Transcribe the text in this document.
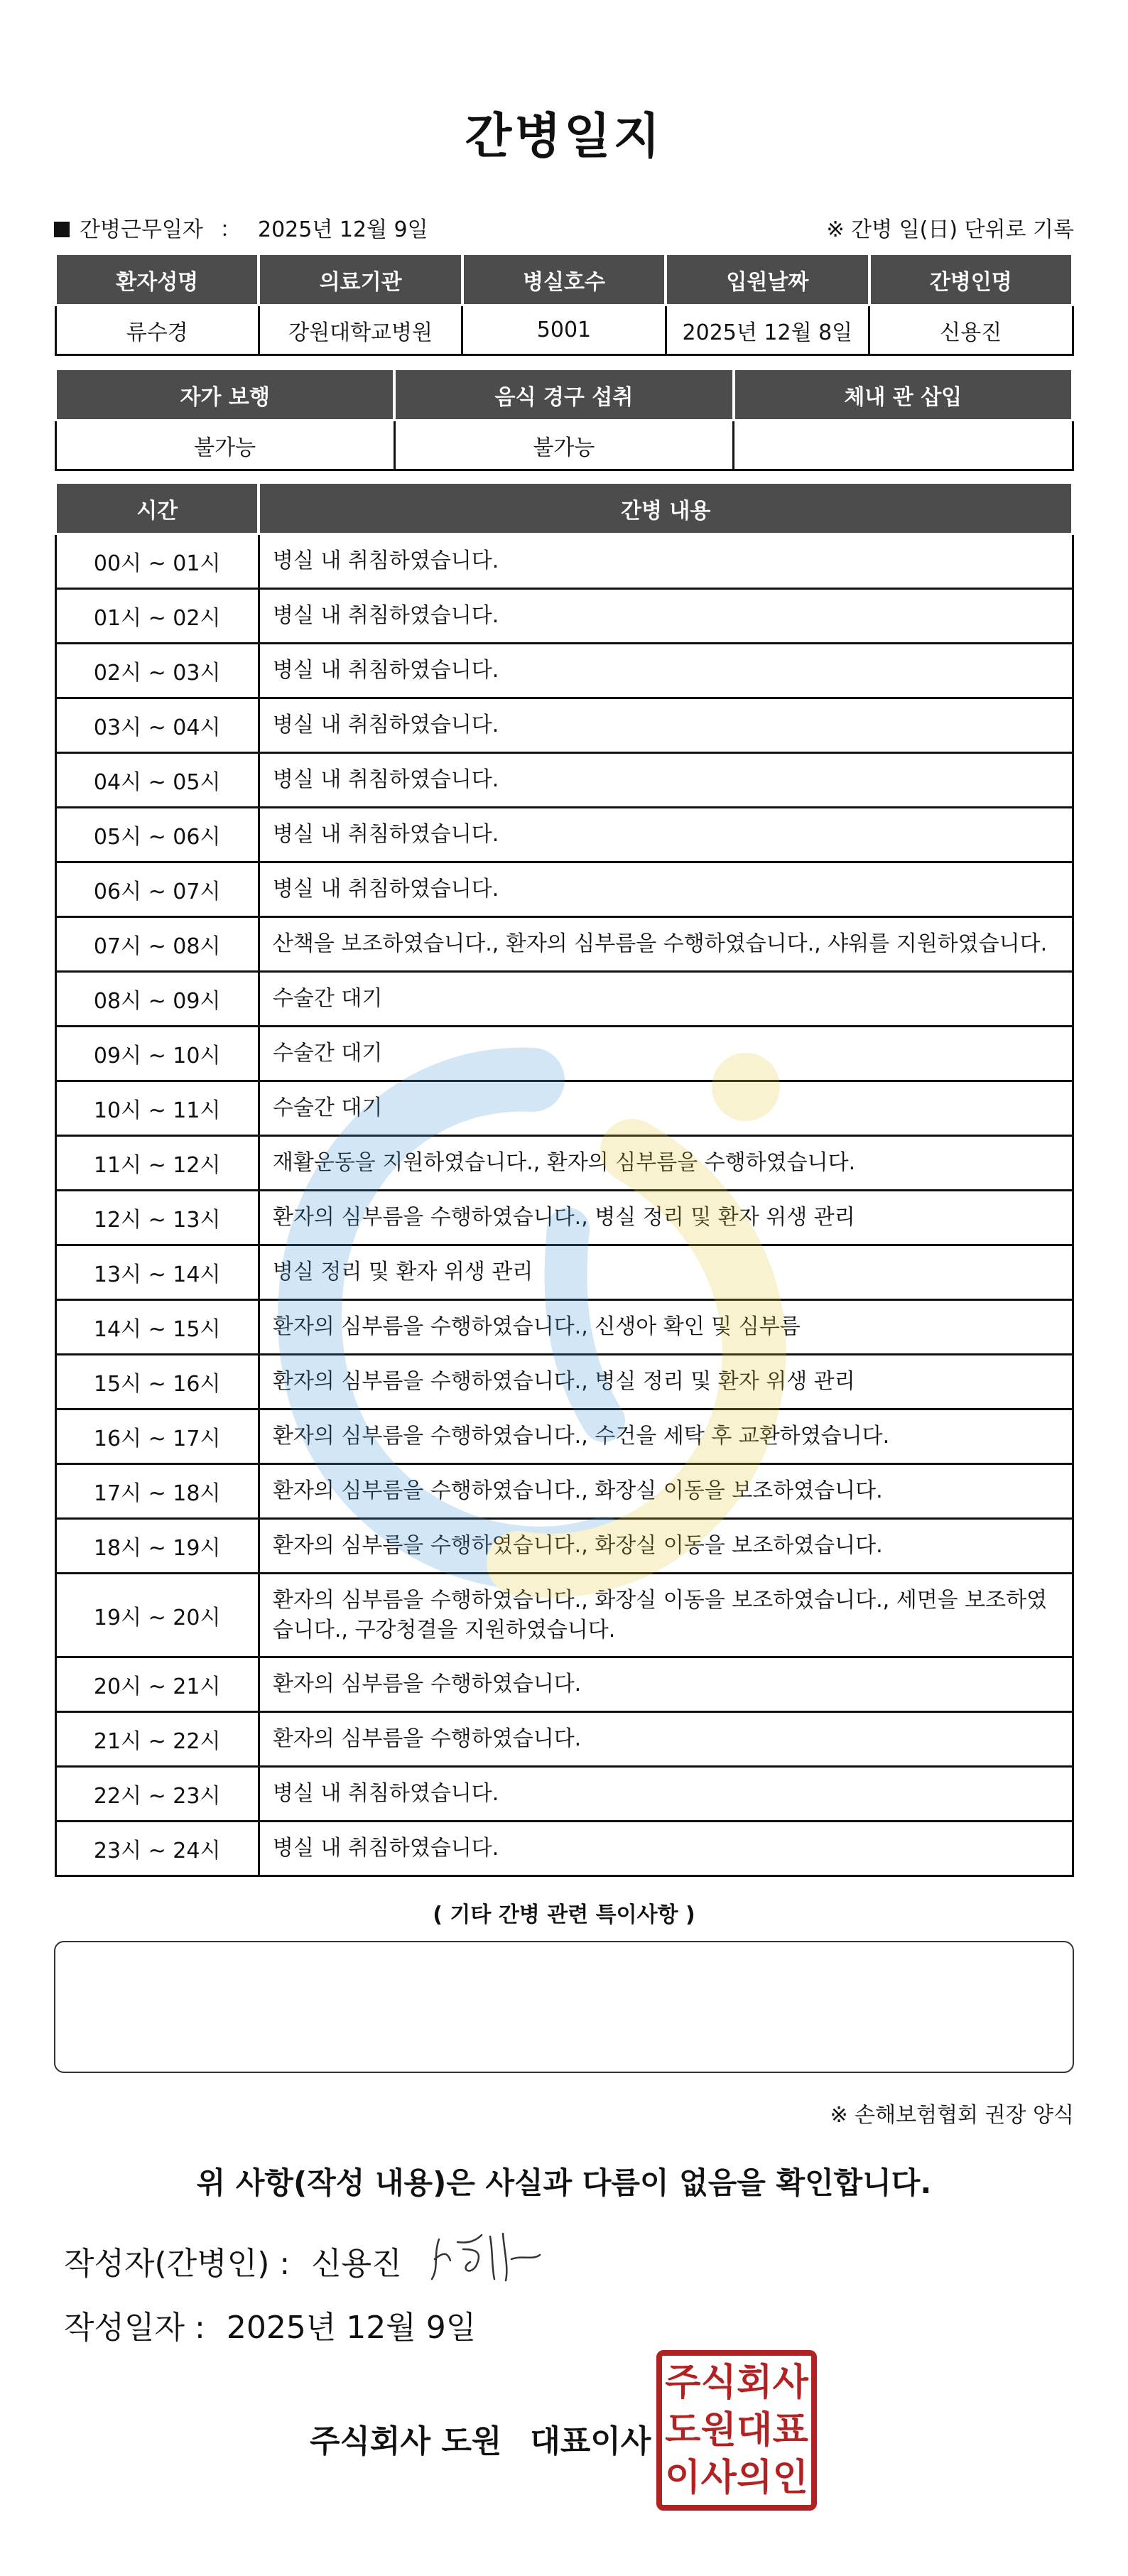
간병일지
간병근무일자 ： 2025년 12월 9일	※ 간병 일(日) 단위로 기록
환자성명	의료기관	병실호수	입원날짜	간병인명
류수경	강원대학교병원	5001	2025년 12월 8일	신용진
자가 보행	음식 경구 섭취	체내 관 삽입
불가능	불가능	
시간	간병 내용
00시 ~ 01시	병실 내 취침하였습니다.
01시 ~ 02시	병실 내 취침하였습니다.
02시 ~ 03시	병실 내 취침하였습니다.
03시 ~ 04시	병실 내 취침하였습니다.
04시 ~ 05시	병실 내 취침하였습니다.
05시 ~ 06시	병실 내 취침하였습니다.
06시 ~ 07시	병실 내 취침하였습니다.
07시 ~ 08시	산책을 보조하였습니다., 환자의 심부름을 수행하였습니다., 샤워를 지원하였습니다.
08시 ~ 09시	수술간 대기
09시 ~ 10시	수술간 대기
10시 ~ 11시	수술간 대기
11시 ~ 12시	재활운동을 지원하였습니다., 환자의 심부름을 수행하였습니다.
12시 ~ 13시	환자의 심부름을 수행하였습니다., 병실 정리 및 환자 위생 관리
13시 ~ 14시	병실 정리 및 환자 위생 관리
14시 ~ 15시	환자의 심부름을 수행하였습니다., 신생아 확인 및 심부름
15시 ~ 16시	환자의 심부름을 수행하였습니다., 병실 정리 및 환자 위생 관리
16시 ~ 17시	환자의 심부름을 수행하였습니다., 수건을 세탁 후 교환하였습니다.
17시 ~ 18시	환자의 심부름을 수행하였습니다., 화장실 이동을 보조하였습니다.
18시 ~ 19시	환자의 심부름을 수행하였습니다., 화장실 이동을 보조하였습니다.
19시 ~ 20시	환자의 심부름을 수행하였습니다., 화장실 이동을 보조하였습니다., 세면을 보조하였습니다., 구강청결을 지원하였습니다.
20시 ~ 21시	환자의 심부름을 수행하였습니다.
21시 ~ 22시	환자의 심부름을 수행하였습니다.
22시 ~ 23시	병실 내 취침하였습니다.
23시 ~ 24시	병실 내 취침하였습니다.
( 기타 간병 관련 특이사항 )
※ 손해보험협회 권장 양식
위 사항(작성 내용)은 사실과 다름이 없음을 확인합니다.
작성자(간병인) : 신용진
작성일자 : 2025년 12월 9일
주식회사 도원 대표이사
주 식 회 사
도 원 대 표
이 사 의 인
